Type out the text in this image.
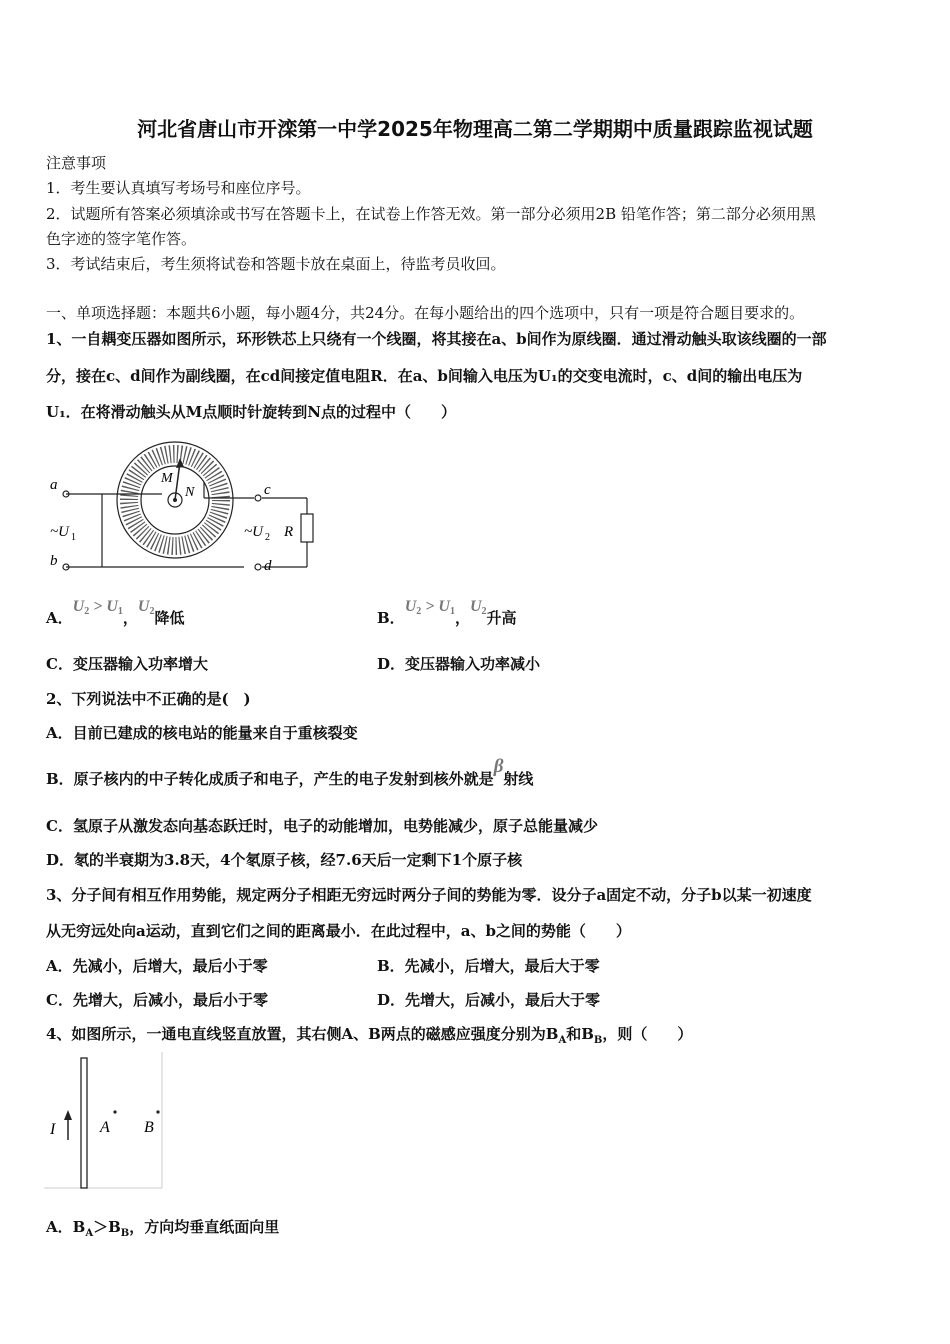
河北省唐山市开滦第一中学2025年物理高二第二学期期中质量跟踪监视试题
注意事项
1．考生要认真填写考场号和座位序号。
2．试题所有答案必须填涂或书写在答题卡上，在试卷上作答无效。第一部分必须用2B 铅笔作答；第二部分必须用黑
色字迹的签字笔作答。
3．考试结束后，考生须将试卷和答题卡放在桌面上，待监考员收回。
一、单项选择题：本题共6小题，每小题4分，共24分。在每小题给出的四个选项中，只有一项是符合题目要求的。
1、一自耦变压器如图所示，环形铁芯上只绕有一个线圈，将其接在a、b间作为原线圈．通过滑动触头取该线圈的一部
分，接在c、d间作为副线圈，在cd间接定值电阻R．在a、b间输入电压为U₁的交变电流时，c、d间的输出电压为
U₁．在将滑动触头从M点顺时针旋转到N点的过程中（　　）
a
b
c
d
M
N
~U 1	~U 2 R
A．$U_2 > U_1$，$U_2$降低	B．$U_2 > U_1$，$U_2$升高
C．变压器输入功率增大	D．变压器输入功率减小
2、下列说法中不正确的是(　)
A．目前已建成的核电站的能量来自于重核裂变
B．原子核内的中子转化成质子和电子，产生的电子发射到核外就是β射线
C．氢原子从激发态向基态跃迁时，电子的动能增加，电势能减少，原子总能量减少
D．氡的半衰期为3.8天，4个氡原子核，经7.6天后一定剩下1个原子核
3、分子间有相互作用势能，规定两分子相距无穷远时两分子间的势能为零．设分子a固定不动，分子b以某一初速度
从无穷远处向a运动，直到它们之间的距离最小．在此过程中，a、b之间的势能（　　）
A．先减小，后增大，最后小于零	B．先减小，后增大，最后大于零
C．先增大，后减小，最后小于零	D．先增大，后减小，最后大于零
4、如图所示，一通电直线竖直放置，其右侧A、B两点的磁感应强度分别为$B_A$和$B_B$，则（　　）
I	A B
A．$B_A>B_B$，方向均垂直纸面向里
